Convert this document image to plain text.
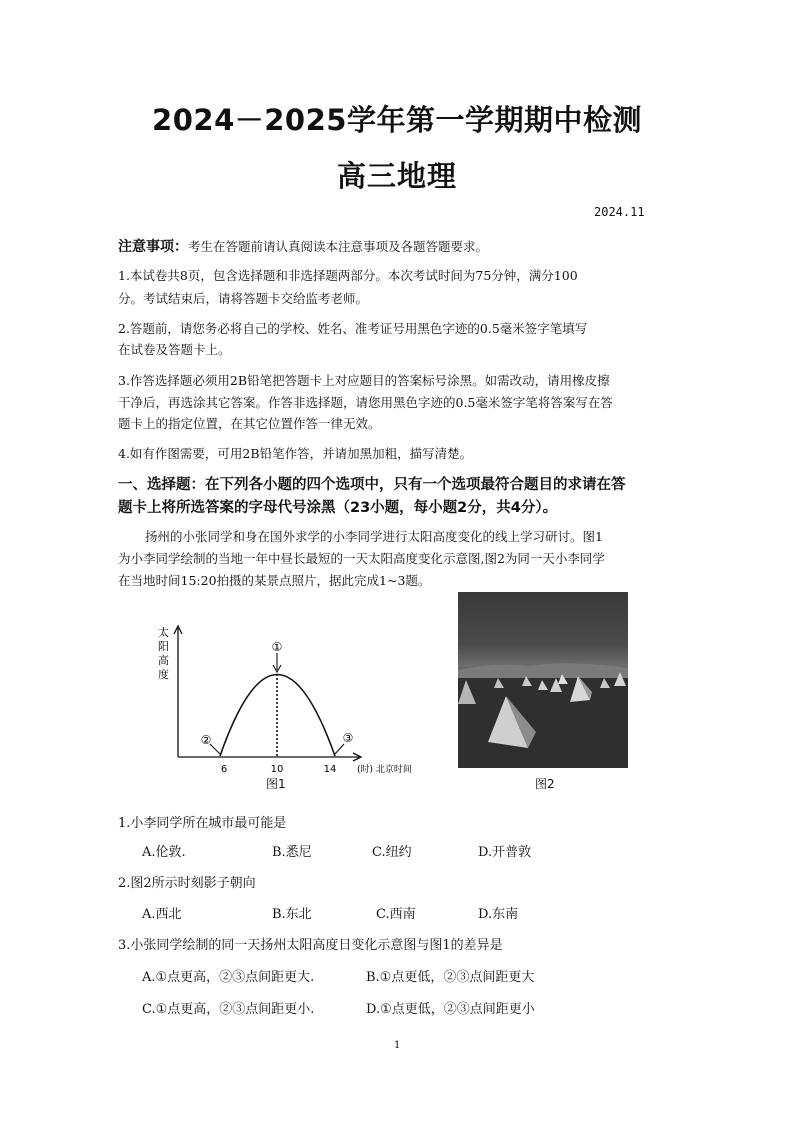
2024－2025学年第一学期期中检测
高三地理
2024.11
注意事项：考生在答题前请认真阅读本注意事项及各题答题要求。
1.本试卷共8页，包含选择题和非选择题两部分。本次考试时间为75分钟，满分100
分。考试结束后，请将答题卡交给监考老师。
2.答题前，请您务必将自己的学校、姓名、准考证号用黑色字迹的0.5毫米签字笔填写
在试卷及答题卡上。
3.作答选择题必须用2B铅笔把答题卡上对应题目的答案标号涂黑。如需改动，请用橡皮擦
干净后，再选涂其它答案。作答非选择题，请您用黑色字迹的0.5毫米签字笔将答案写在答
题卡上的指定位置，在其它位置作答一律无效。
4.如有作图需要，可用2B铅笔作答，并请加黑加粗，描写清楚。
一、选择题：在下列各小题的四个选项中，只有一个选项最符合题目的求请在答
题卡上将所选答案的字母代号涂黑（23小题，每小题2分，共4分）。
扬州的小张同学和身在国外求学的小李同学进行太阳高度变化的线上学习研讨。图1
为小李同学绘制的当地一年中昼长最短的一天太阳高度变化示意图,图2为同一天小李同学
在当地时间15:20拍摄的某景点照片，据此完成1~3题。
①
②	③
6	10	14 (时) 北京时间
太
阳
高
度
图1	图2
1.小李同学所在城市最可能是
A.伦敦.	B.悉尼	C.纽约	D.开普敦
2.图2所示时刻影子朝向
A.西北	B.东北	C.西南	D.东南
3.小张同学绘制的同一天扬州太阳高度日变化示意图与图1的差异是
A.①点更高，②③点间距更大.	B.①点更低，②③点间距更大
C.①点更高，②③点间距更小.	D.①点更低，②③点间距更小
1
